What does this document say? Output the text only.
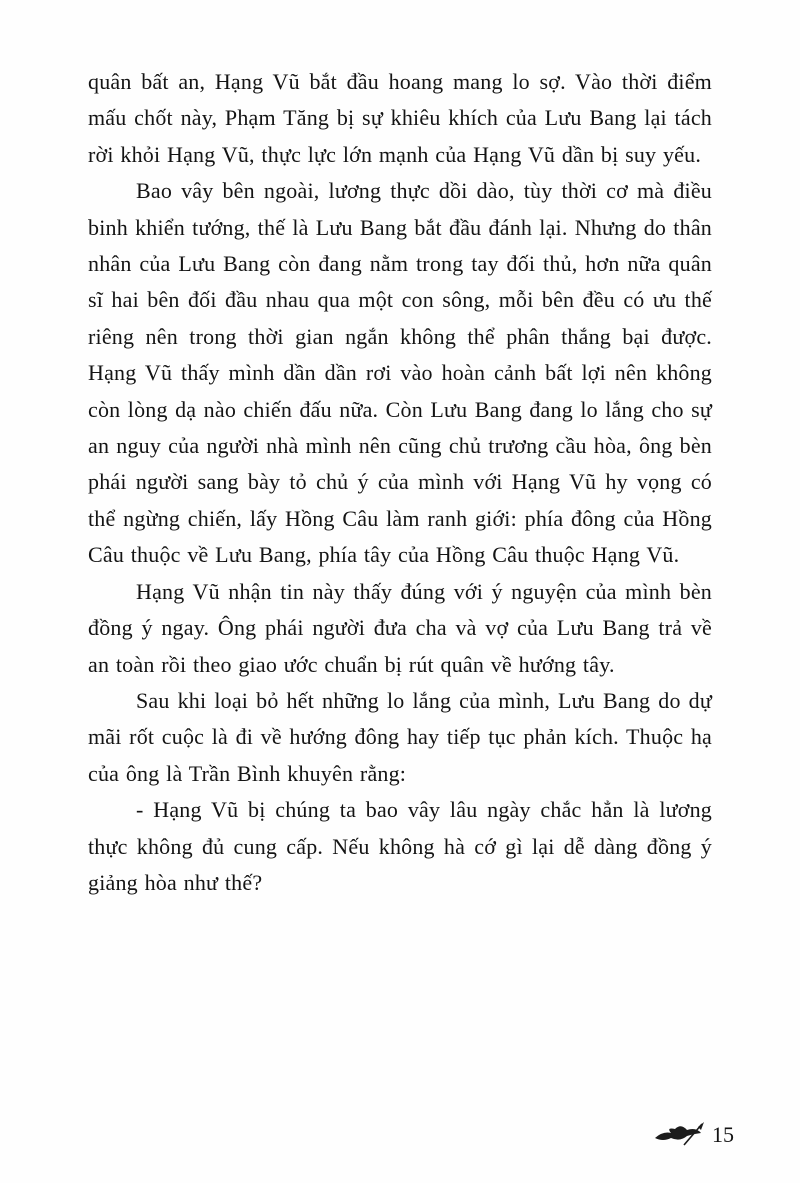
quân bất an, Hạng Vũ bắt đầu hoang mang lo sợ. Vào thời điểm mấu chốt này, Phạm Tăng bị sự khiêu khích của Lưu Bang lại tách rời khỏi Hạng Vũ, thực lực lớn mạnh của Hạng Vũ dần bị suy yếu.

Bao vây bên ngoài, lương thực dồi dào, tùy thời cơ mà điều binh khiển tướng, thế là Lưu Bang bắt đầu đánh lại. Nhưng do thân nhân của Lưu Bang còn đang nằm trong tay đối thủ, hơn nữa quân sĩ hai bên đối đầu nhau qua một con sông, mỗi bên đều có ưu thế riêng nên trong thời gian ngắn không thể phân thắng bại được. Hạng Vũ thấy mình dần dần rơi vào hoàn cảnh bất lợi nên không còn lòng dạ nào chiến đấu nữa. Còn Lưu Bang đang lo lắng cho sự an nguy của người nhà mình nên cũng chủ trương cầu hòa, ông bèn phái người sang bày tỏ chủ ý của mình với Hạng Vũ hy vọng có thể ngừng chiến, lấy Hồng Câu làm ranh giới: phía đông của Hồng Câu thuộc về Lưu Bang, phía tây của Hồng Câu thuộc Hạng Vũ.

Hạng Vũ nhận tin này thấy đúng với ý nguyện của mình bèn đồng ý ngay. Ông phái người đưa cha và vợ của Lưu Bang trả về an toàn rồi theo giao ước chuẩn bị rút quân về hướng tây.

Sau khi loại bỏ hết những lo lắng của mình, Lưu Bang do dự mãi rốt cuộc là đi về hướng đông hay tiếp tục phản kích. Thuộc hạ của ông là Trần Bình khuyên rằng:

- Hạng Vũ bị chúng ta bao vây lâu ngày chắc hẳn là lương thực không đủ cung cấp. Nếu không hà cớ gì lại dễ dàng đồng ý giảng hòa như thế?

15
